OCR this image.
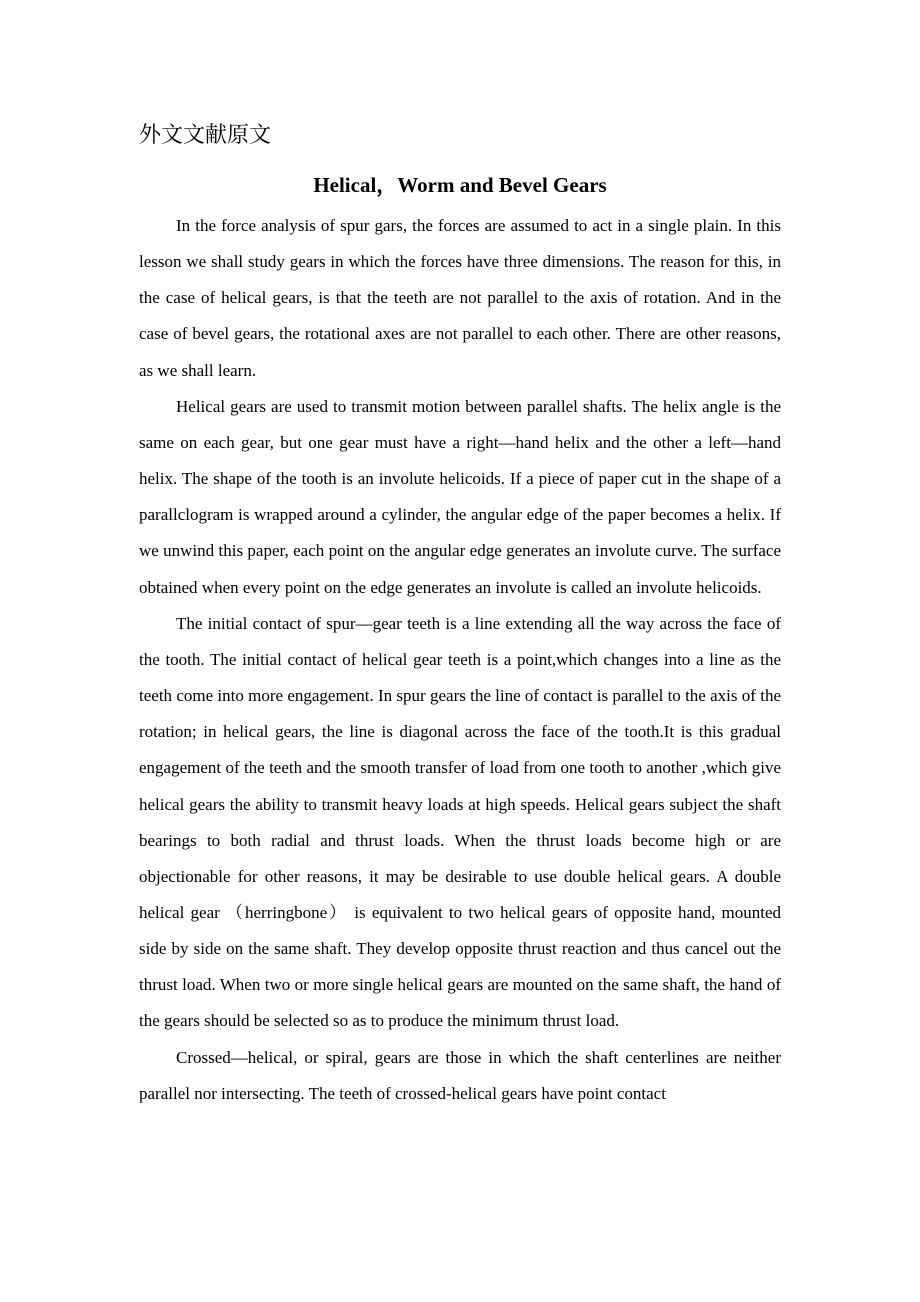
外文文献原文
Helical，Worm and Bevel Gears

In the force analysis of spur gars, the forces are assumed to act in a single plain. In this lesson we shall study gears in which the forces have three dimensions. The reason for this, in the case of helical gears, is that the teeth are not parallel to the axis of rotation. And in the case of bevel gears, the rotational axes are not parallel to each other. There are other reasons, as we shall learn.

Helical gears are used to transmit motion between parallel shafts. The helix angle is the same on each gear, but one gear must have a right—hand helix and the other a left—hand helix. The shape of the tooth is an involute helicoids. If a piece of paper cut in the shape of a parallclogram is wrapped around a cylinder, the angular edge of the paper becomes a helix. If we unwind this paper, each point on the angular edge generates an involute curve. The surface obtained when every point on the edge generates an involute is called an involute helicoids.

The initial contact of spur—gear teeth is a line extending all the way across the face of the tooth. The initial contact of helical gear teeth is a point,which changes into a line as the teeth come into more engagement. In spur gears the line of contact is parallel to the axis of the rotation; in helical gears, the line is diagonal across the face of the tooth.It is this gradual engagement of the teeth and the smooth transfer of load from one tooth to another ,which give helical gears the ability to transmit heavy loads at high speeds. Helical gears subject the shaft bearings to both radial and thrust loads. When the thrust loads become high or are objectionable for other reasons, it may be desirable to use double helical gears. A double helical gear （herringbone） is equivalent to two helical gears of opposite hand, mounted side by side on the same shaft. They develop opposite thrust reaction and thus cancel out the thrust load. When two or more single helical gears are mounted on the same shaft, the hand of the gears should be selected so as to produce the minimum thrust load.

Crossed—helical, or spiral, gears are those in which the shaft centerlines are neither parallel nor intersecting. The teeth of crossed-helical gears have point contact
